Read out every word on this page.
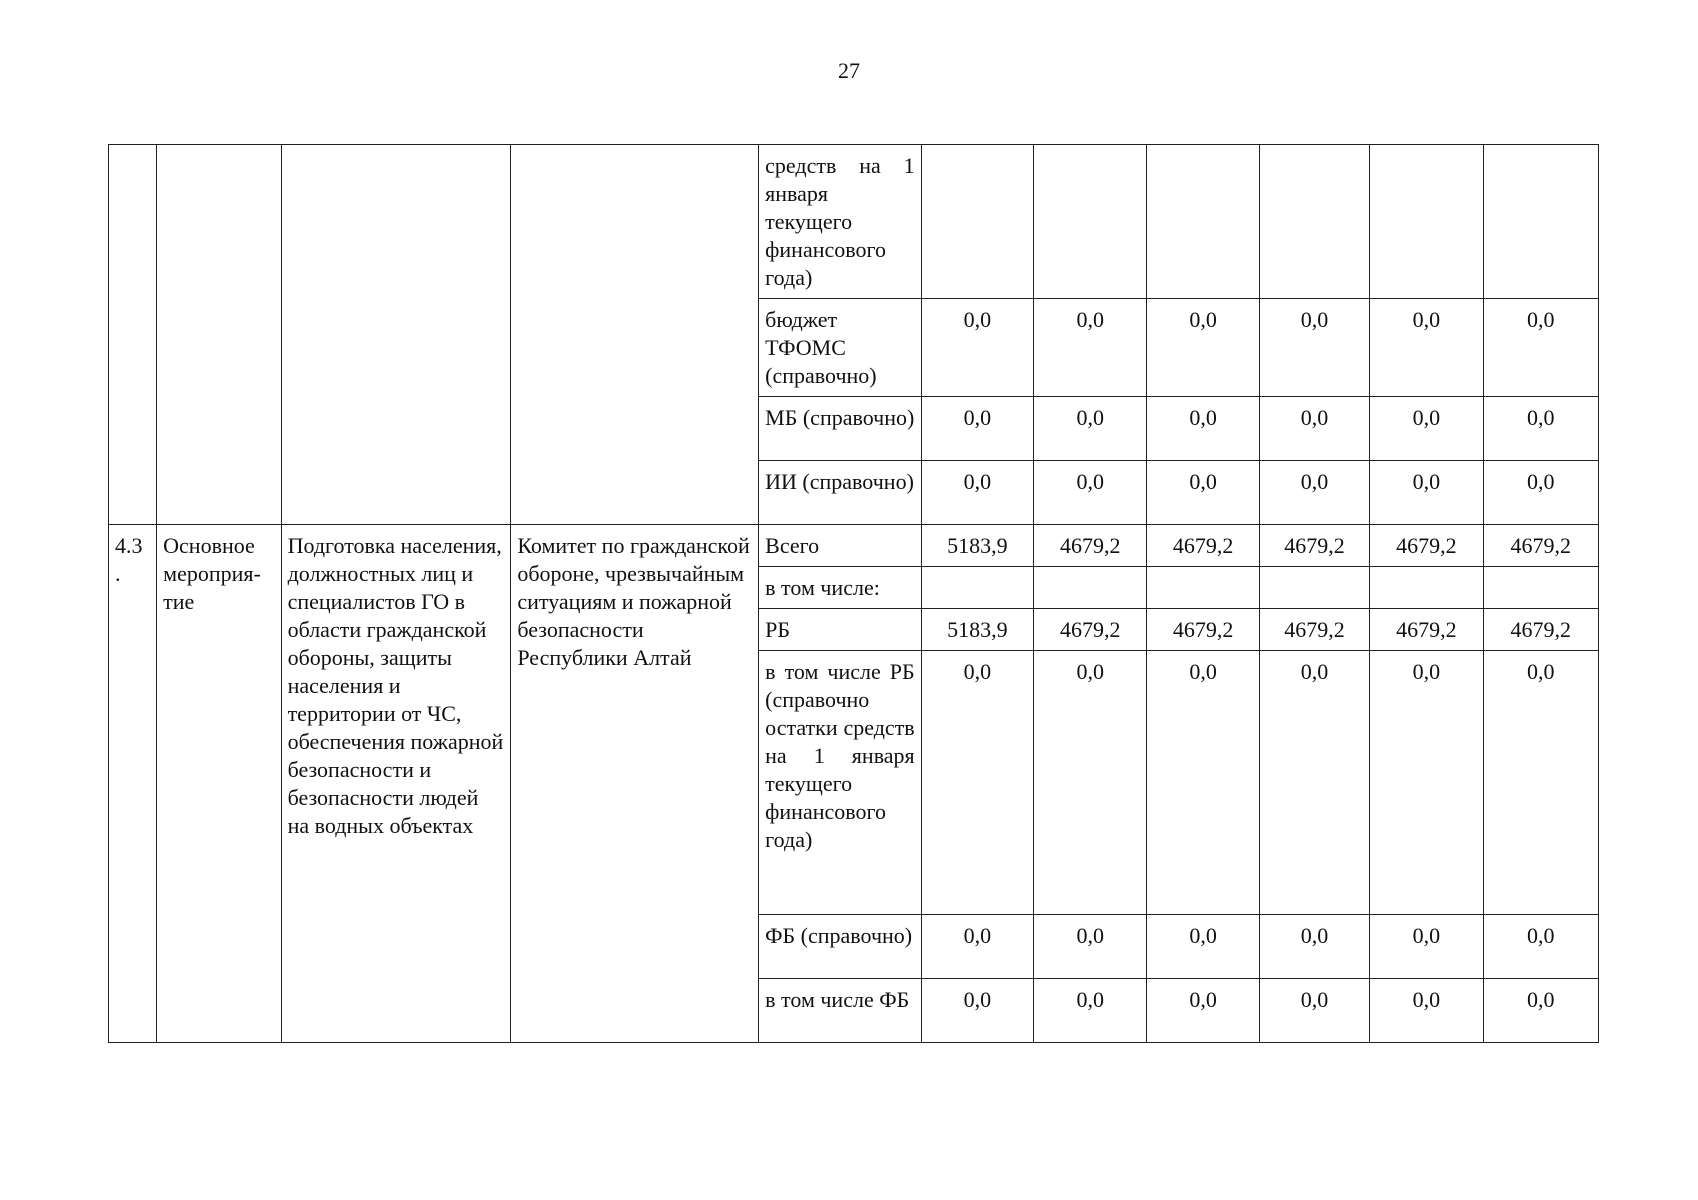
27
				средств на 1 января текущего финансового года)						
				бюджет ТФОМС (справочно)	0,0	0,0	0,0	0,0	0,0	0,0
				МБ (справочно)	0,0	0,0	0,0	0,0	0,0	0,0
				ИИ (справочно)	0,0	0,0	0,0	0,0	0,0	0,0
4.3 .	Основное мероприя-тие	Подготовка населения, должностных лиц и специалистов ГО в области гражданской обороны, защиты населения и территории от ЧС, обеспечения пожарной безопасности и безопасности людей на водных объектах	Комитет по гражданской обороне, чрезвычайным ситуациям и пожарной безопасности Республики Алтай	Всего	5183,9	4679,2	4679,2	4679,2	4679,2	4679,2
				в том числе:						
				РБ	5183,9	4679,2	4679,2	4679,2	4679,2	4679,2
				в том числе РБ (справочно остатки средств на 1 января текущего финансового года)	0,0	0,0	0,0	0,0	0,0	0,0
				ФБ (справочно)	0,0	0,0	0,0	0,0	0,0	0,0
				в том числе ФБ	0,0	0,0	0,0	0,0	0,0	0,0
